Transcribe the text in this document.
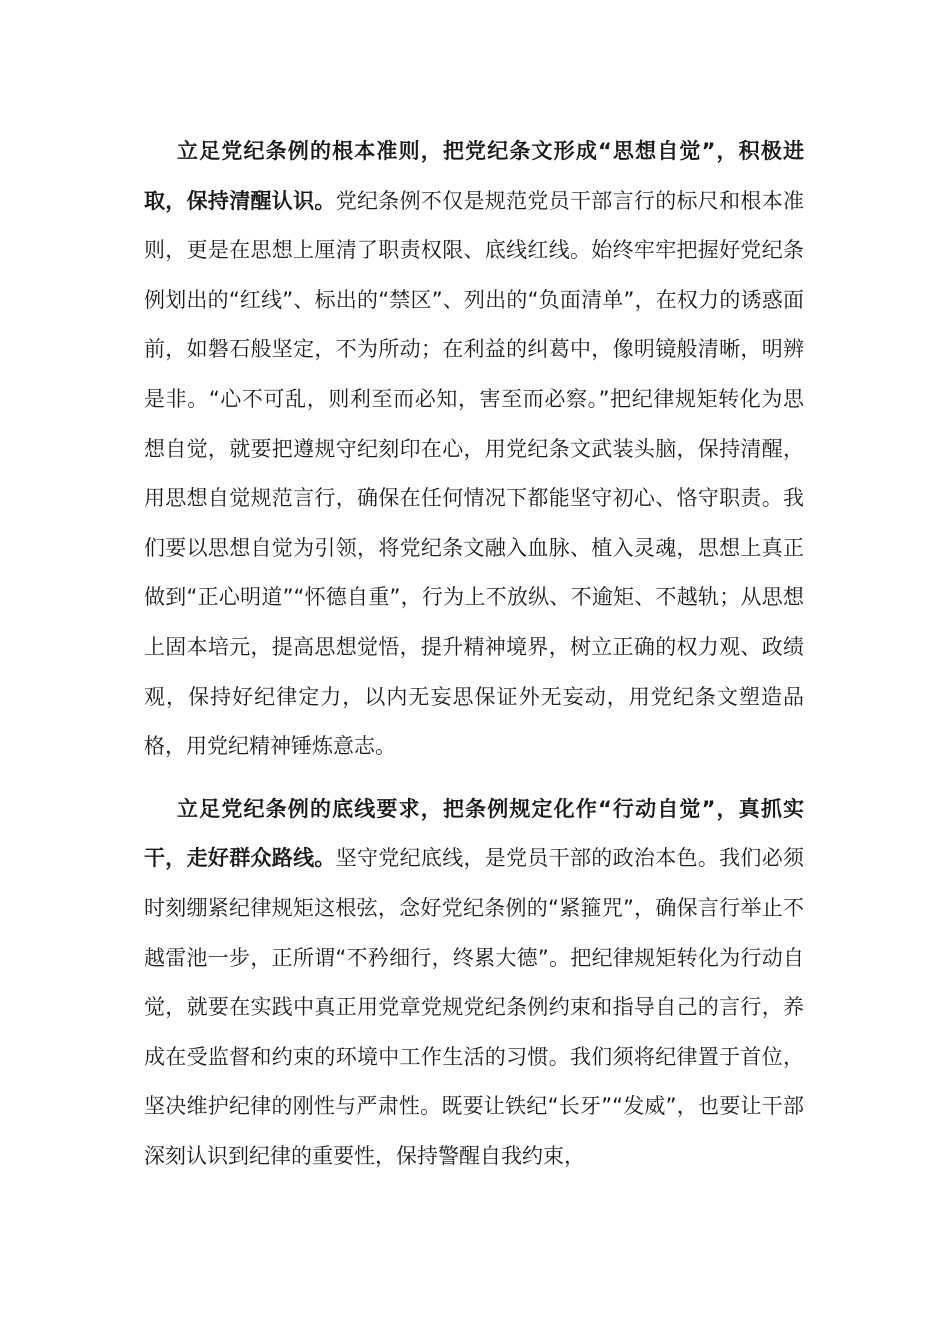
立足党纪条例的根本准则，把党纪条文形成“思想自觉”，积极进取，保持清醒认识。党纪条例不仅是规范党员干部言行的标尺和根本准则，更是在思想上厘清了职责权限、底线红线。始终牢牢把握好党纪条例划出的“红线”、标出的“禁区”、列出的“负面清单”，在权力的诱惑面前，如磐石般坚定，不为所动；在利益的纠葛中，像明镜般清晰，明辨是非。“心不可乱，则利至而必知，害至而必察。”把纪律规矩转化为思想自觉，就要把遵规守纪刻印在心，用党纪条文武装头脑，保持清醒，用思想自觉规范言行，确保在任何情况下都能坚守初心、恪守职责。我们要以思想自觉为引领，将党纪条文融入血脉、植入灵魂，思想上真正做到“正心明道”“怀德自重”，行为上不放纵、不逾矩、不越轨；从思想上固本培元，提高思想觉悟，提升精神境界，树立正确的权力观、政绩观，保持好纪律定力，以内无妄思保证外无妄动，用党纪条文塑造品格，用党纪精神锤炼意志。

立足党纪条例的底线要求，把条例规定化作“行动自觉”，真抓实干，走好群众路线。坚守党纪底线，是党员干部的政治本色。我们必须时刻绷紧纪律规矩这根弦，念好党纪条例的“紧箍咒”，确保言行举止不越雷池一步，正所谓“不矜细行，终累大德”。把纪律规矩转化为行动自觉，就要在实践中真正用党章党规党纪条例约束和指导自己的言行，养成在受监督和约束的环境中工作生活的习惯。我们须将纪律置于首位，坚决维护纪律的刚性与严肃性。既要让铁纪“长牙”“发威”，也要让干部深刻认识到纪律的重要性，保持警醒自我约束，
